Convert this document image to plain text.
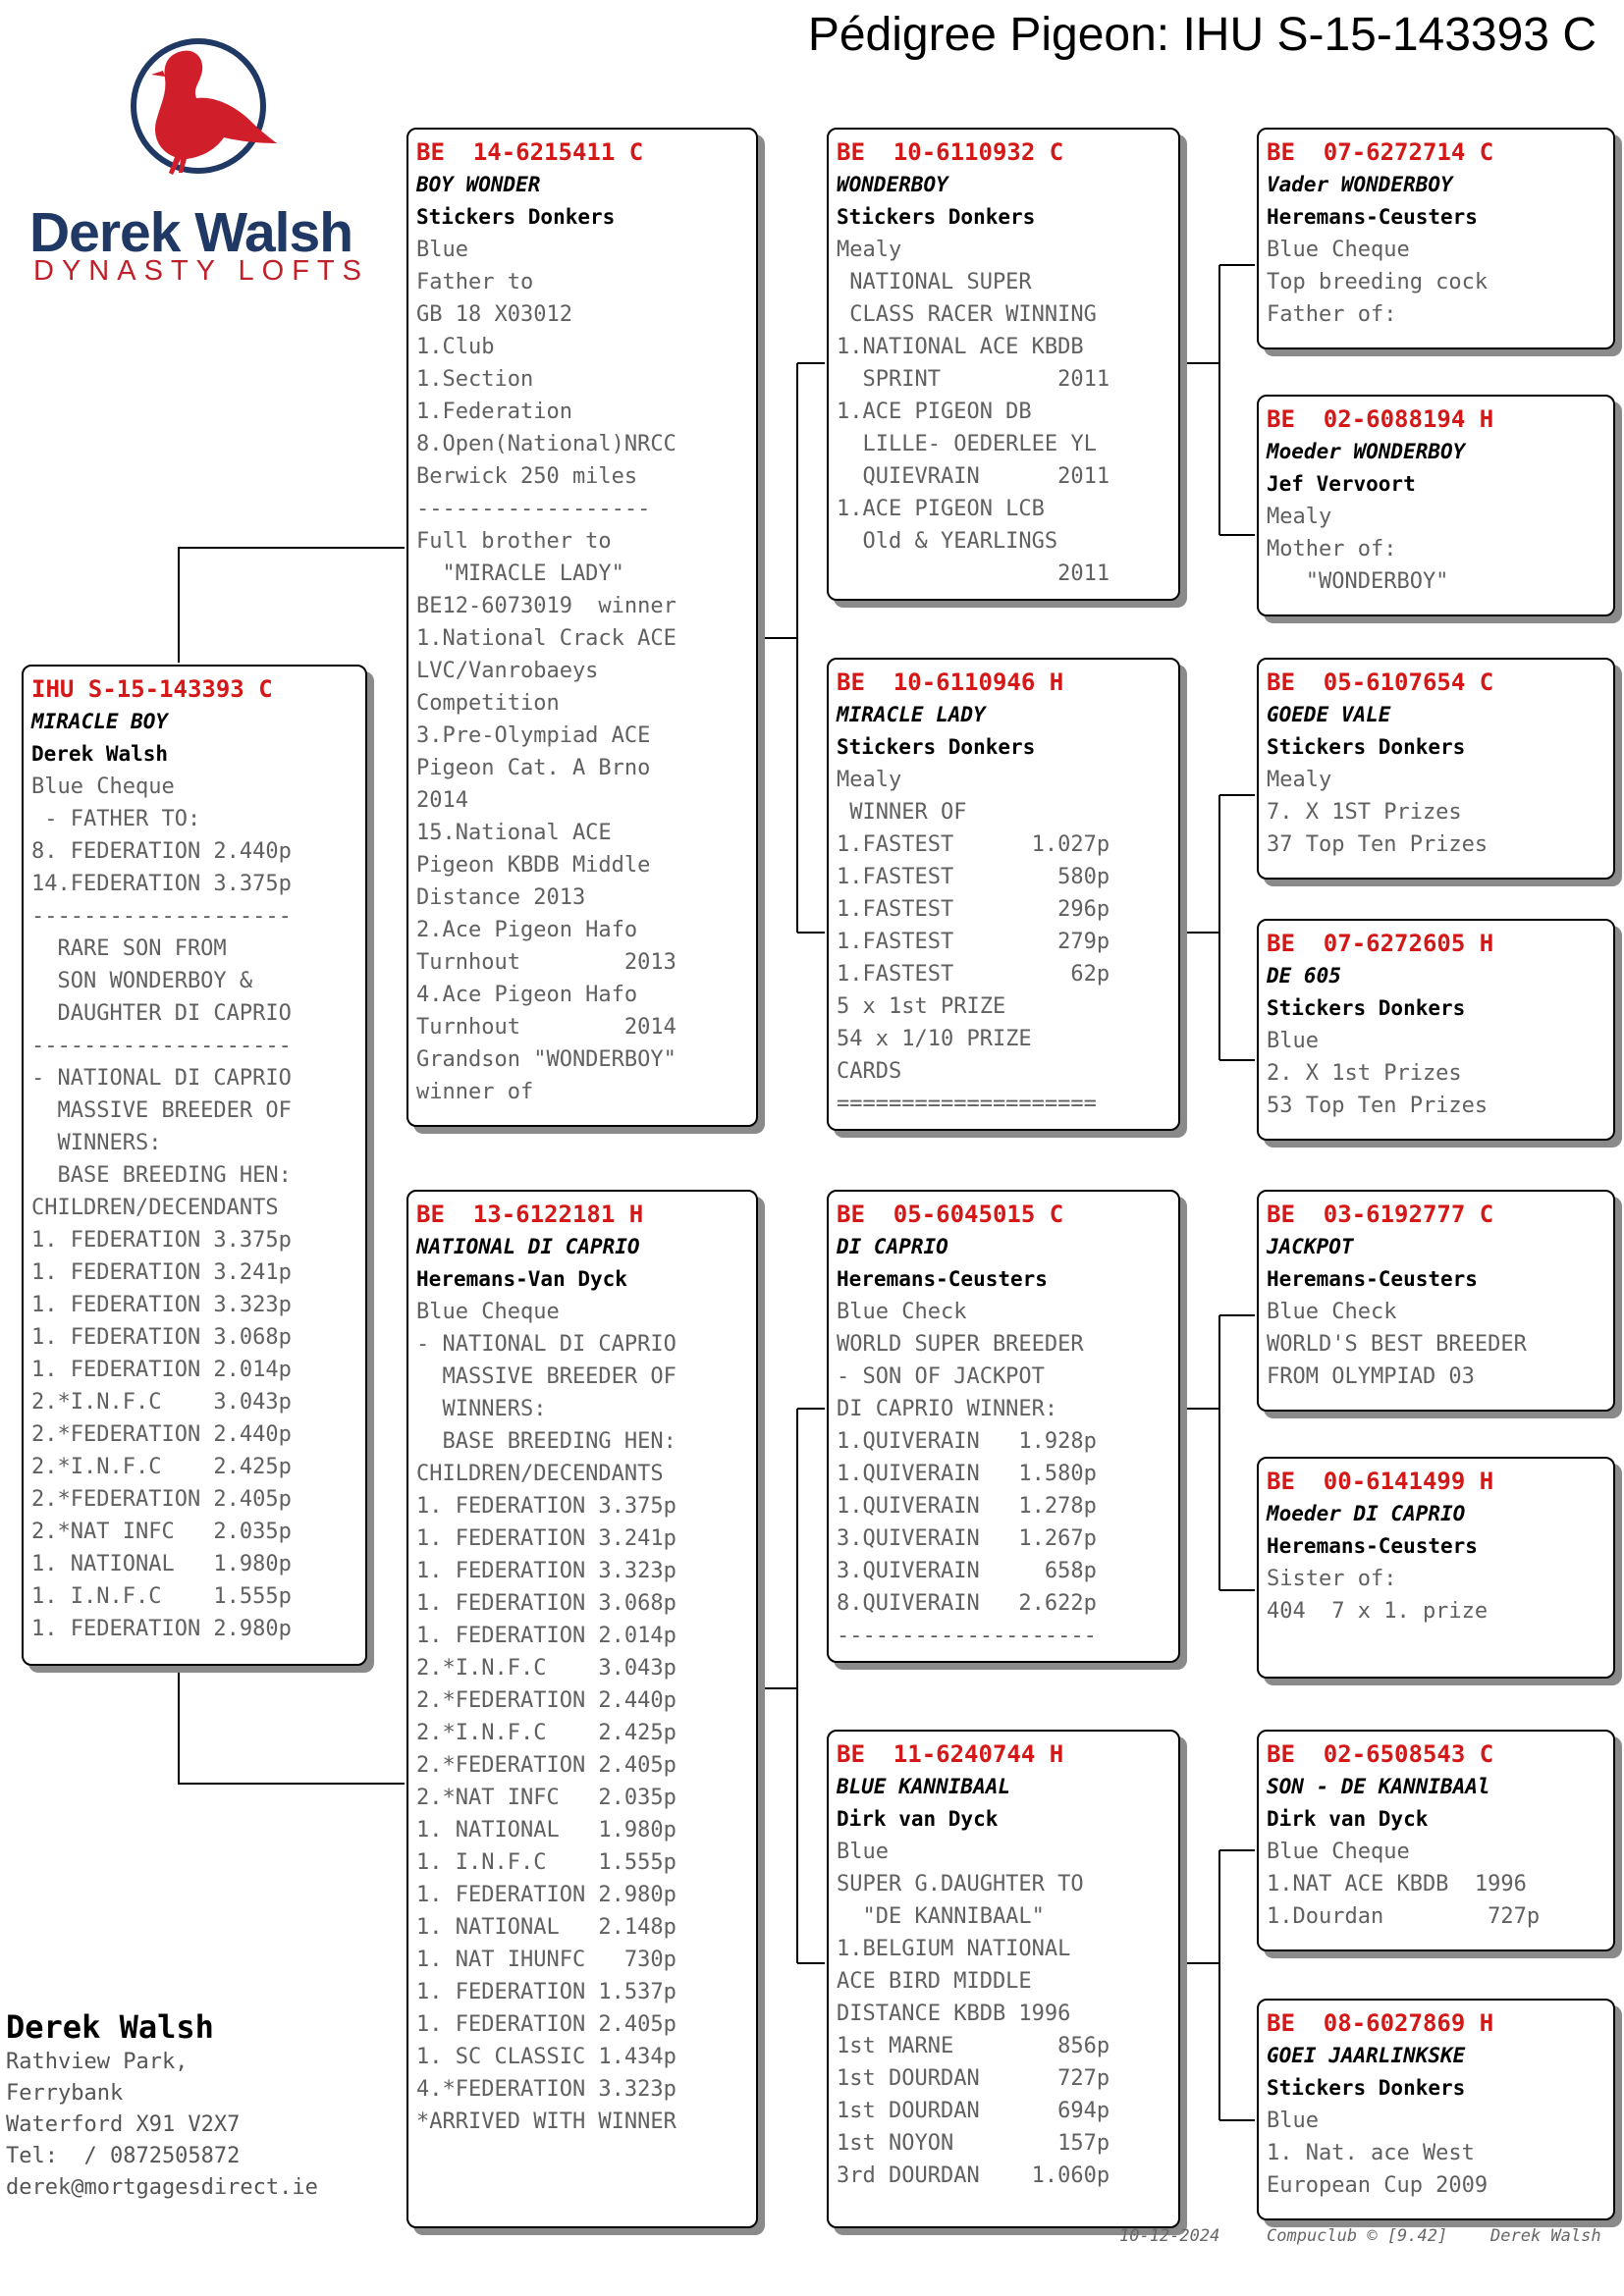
Pédigree Pigeon: IHU S-15-143393 C
Derek Walsh
DYNASTY LOFTS
IHU S-15-143393 C
MIRACLE BOY
Derek Walsh
Blue Cheque
- FATHER TO:
8. FEDERATION 2.440p
14.FEDERATION 3.375p
--------------------
RARE SON FROM
SON WONDERBOY &
DAUGHTER DI CAPRIO
--------------------
- NATIONAL DI CAPRIO
MASSIVE BREEDER OF
WINNERS:
BASE BREEDING HEN:
CHILDREN/DECENDANTS
1. FEDERATION 3.375p
1. FEDERATION 3.241p
1. FEDERATION 3.323p
1. FEDERATION 3.068p
1. FEDERATION 2.014p
2.*I.N.F.C    3.043p
2.*FEDERATION 2.440p
2.*I.N.F.C    2.425p
2.*FEDERATION 2.405p
2.*NAT INFC   2.035p
1. NATIONAL   1.980p
1. I.N.F.C    1.555p
1. FEDERATION 2.980p
BE  14-6215411 C
BOY WONDER
Stickers Donkers
Blue
Father to
GB 18 X03012
1.Club
1.Section
1.Federation
8.Open(National)NRCC
Berwick 250 miles
------------------
Full brother to
"MIRACLE LADY"
BE12-6073019  winner
1.National Crack ACE
LVC/Vanrobaeys
Competition
3.Pre-Olympiad ACE
Pigeon Cat. A Brno
2014
15.National ACE
Pigeon KBDB Middle
Distance 2013
2.Ace Pigeon Hafo
Turnhout        2013
4.Ace Pigeon Hafo
Turnhout        2014
Grandson "WONDERBOY"
winner of
BE  13-6122181 H
NATIONAL DI CAPRIO
Heremans-Van Dyck
Blue Cheque
- NATIONAL DI CAPRIO
MASSIVE BREEDER OF
WINNERS:
BASE BREEDING HEN:
CHILDREN/DECENDANTS
1. FEDERATION 3.375p
1. FEDERATION 3.241p
1. FEDERATION 3.323p
1. FEDERATION 3.068p
1. FEDERATION 2.014p
2.*I.N.F.C    3.043p
2.*FEDERATION 2.440p
2.*I.N.F.C    2.425p
2.*FEDERATION 2.405p
2.*NAT INFC   2.035p
1. NATIONAL   1.980p
1. I.N.F.C    1.555p
1. FEDERATION 2.980p
1. NATIONAL   2.148p
1. NAT IHUNFC   730p
1. FEDERATION 1.537p
1. FEDERATION 2.405p
1. SC CLASSIC 1.434p
4.*FEDERATION 3.323p
*ARRIVED WITH WINNER
BE  10-6110932 C
WONDERBOY
Stickers Donkers
Mealy
NATIONAL SUPER
CLASS RACER WINNING
1.NATIONAL ACE KBDB
SPRINT         2011
1.ACE PIGEON DB
LILLE- OEDERLEE YL
QUIEVRAIN      2011
1.ACE PIGEON LCB
Old & YEARLINGS
2011
BE  10-6110946 H
MIRACLE LADY
Stickers Donkers
Mealy
WINNER OF
1.FASTEST      1.027p
1.FASTEST        580p
1.FASTEST        296p
1.FASTEST        279p
1.FASTEST         62p
5 x 1st PRIZE
54 x 1/10 PRIZE
CARDS
====================
BE  05-6045015 C
DI CAPRIO
Heremans-Ceusters
Blue Check
WORLD SUPER BREEDER
- SON OF JACKPOT
DI CAPRIO WINNER:
1.QUIVERAIN   1.928p
1.QUIVERAIN   1.580p
1.QUIVERAIN   1.278p
3.QUIVERAIN   1.267p
3.QUIVERAIN     658p
8.QUIVERAIN   2.622p
--------------------
BE  11-6240744 H
BLUE KANNIBAAL
Dirk van Dyck
Blue
SUPER G.DAUGHTER TO
"DE KANNIBAAL"
1.BELGIUM NATIONAL
ACE BIRD MIDDLE
DISTANCE KBDB 1996
1st MARNE        856p
1st DOURDAN      727p
1st DOURDAN      694p
1st NOYON        157p
3rd DOURDAN    1.060p
BE  07-6272714 C
Vader WONDERBOY
Heremans-Ceusters
Blue Cheque
Top breeding cock
Father of:
BE  02-6088194 H
Moeder WONDERBOY
Jef Vervoort
Mealy
Mother of:
"WONDERBOY"
BE  05-6107654 C
GOEDE VALE
Stickers Donkers
Mealy
7. X 1ST Prizes
37 Top Ten Prizes
BE  07-6272605 H
DE 605
Stickers Donkers
Blue
2. X 1st Prizes
53 Top Ten Prizes
BE  03-6192777 C
JACKPOT
Heremans-Ceusters
Blue Check
WORLD'S BEST BREEDER
FROM OLYMPIAD 03
BE  00-6141499 H
Moeder DI CAPRIO
Heremans-Ceusters
Sister of:
404  7 x 1. prize
BE  02-6508543 C
SON - DE KANNIBAAl
Dirk van Dyck
Blue Cheque
1.NAT ACE KBDB  1996
1.Dourdan        727p
BE  08-6027869 H
GOEI JAARLINKSKE
Stickers Donkers
Blue
1. Nat. ace West
European Cup 2009
Derek Walsh
Rathview Park,
Ferrybank
Waterford X91 V2X7
Tel:  / 0872505872
derek@mortgagesdirect.ie
10-12-2024	Compuclub © [9.42]	Derek Walsh
